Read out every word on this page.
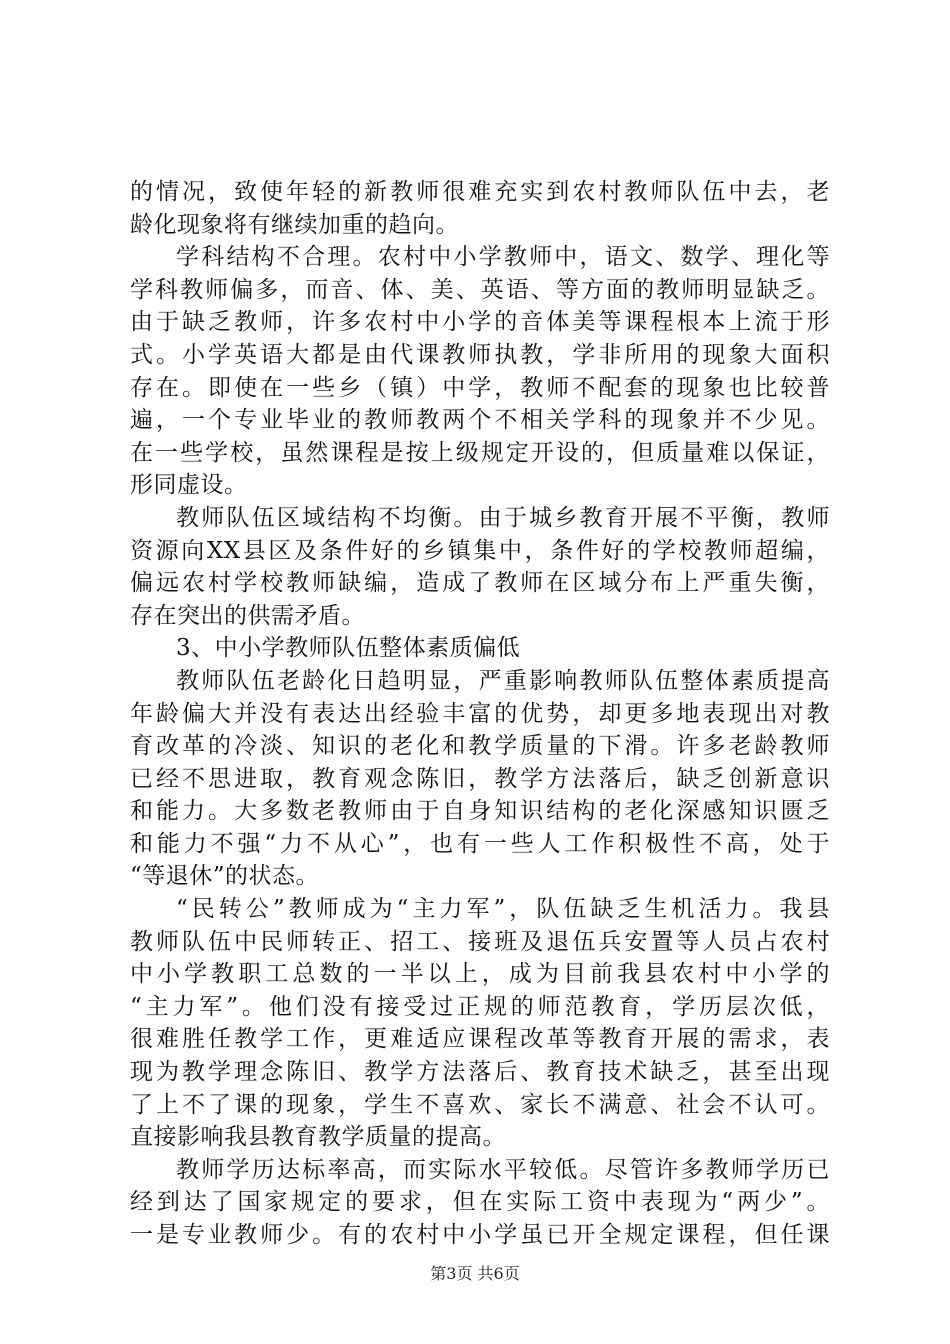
的情况，致使年轻的新教师很难充实到农村教师队伍中去，老
龄化现象将有继续加重的趋向。
学科结构不合理。农村中小学教师中，语文、数学、理化等
学科教师偏多，而音、体、美、英语、等方面的教师明显缺乏。
由于缺乏教师，许多农村中小学的音体美等课程根本上流于形
式。小学英语大都是由代课教师执教，学非所用的现象大面积
存在。即使在一些乡（镇）中学，教师不配套的现象也比较普
遍，一个专业毕业的教师教两个不相关学科的现象并不少见。
在一些学校，虽然课程是按上级规定开设的，但质量难以保证，
形同虚设。
教师队伍区域结构不均衡。由于城乡教育开展不平衡，教师
资源向XX县区及条件好的乡镇集中，条件好的学校教师超编，
偏远农村学校教师缺编，造成了教师在区域分布上严重失衡，
存在突出的供需矛盾。
3、中小学教师队伍整体素质偏低
教师队伍老龄化日趋明显，严重影响教师队伍整体素质提高
年龄偏大并没有表达出经验丰富的优势，却更多地表现出对教
育改革的冷淡、知识的老化和教学质量的下滑。许多老龄教师
已经不思进取，教育观念陈旧，教学方法落后，缺乏创新意识
和能力。大多数老教师由于自身知识结构的老化深感知识匮乏
和能力不强“力不从心”，也有一些人工作积极性不高，处于
“等退休”的状态。
“民转公”教师成为“主力军”，队伍缺乏生机活力。我县
教师队伍中民师转正、招工、接班及退伍兵安置等人员占农村
中小学教职工总数的一半以上，成为目前我县农村中小学的
“主力军”。他们没有接受过正规的师范教育，学历层次低，
很难胜任教学工作，更难适应课程改革等教育开展的需求，表
现为教学理念陈旧、教学方法落后、教育技术缺乏，甚至出现
了上不了课的现象，学生不喜欢、家长不满意、社会不认可。
直接影响我县教育教学质量的提高。
教师学历达标率高，而实际水平较低。尽管许多教师学历已
经到达了国家规定的要求，但在实际工资中表现为“两少”。
一是专业教师少。有的农村中小学虽已开全规定课程，但任课
第3页 共6页
